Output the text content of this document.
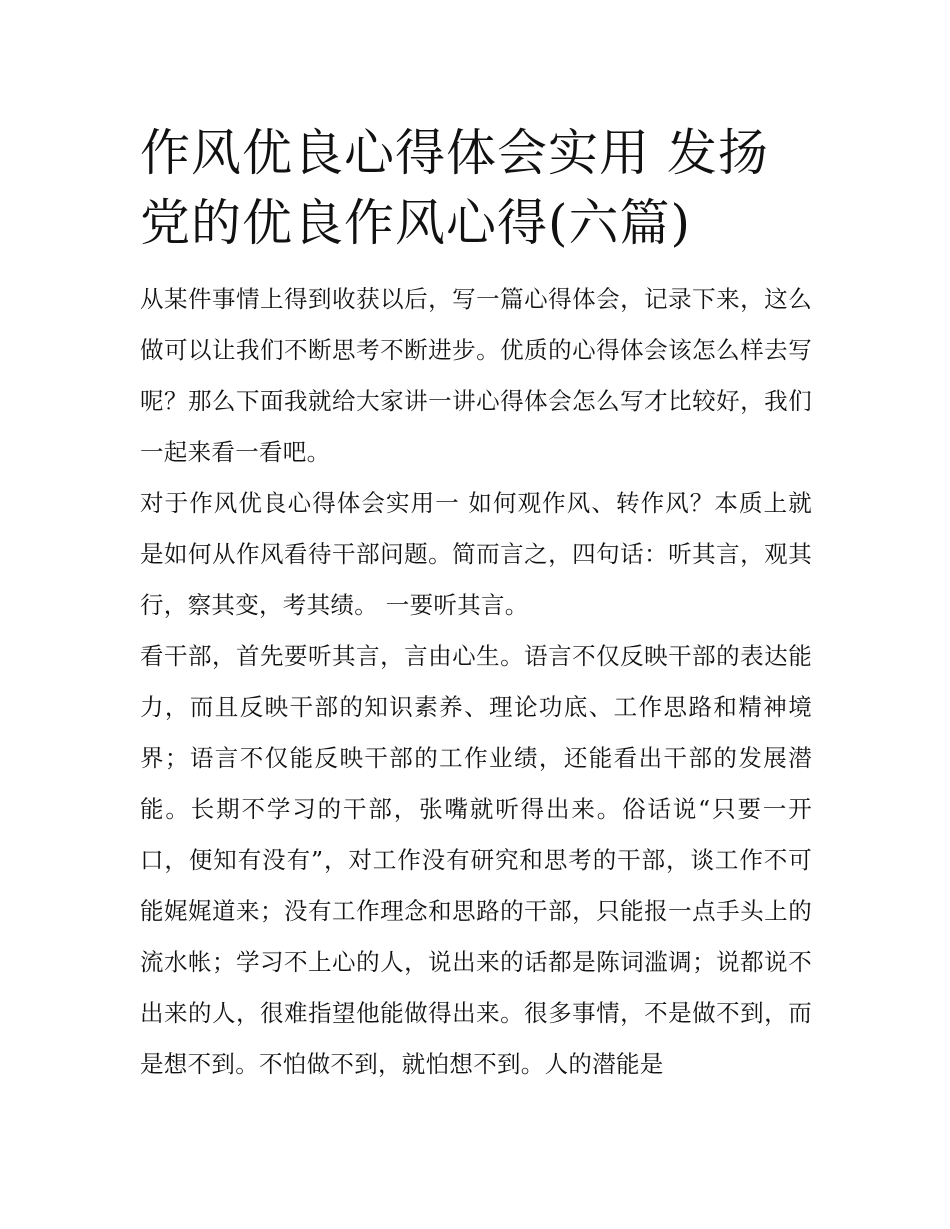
作风优良心得体会实用 发扬党的优良作风心得(六篇)

从某件事情上得到收获以后，写一篇心得体会，记录下来，这么做可以让我们不断思考不断进步。优质的心得体会该怎么样去写呢？那么下面我就给大家讲一讲心得体会怎么写才比较好，我们一起来看一看吧。

对于作风优良心得体会实用一 如何观作风、转作风？本质上就是如何从作风看待干部问题。简而言之，四句话：听其言，观其行，察其变，考其绩。 一要听其言。

看干部，首先要听其言，言由心生。语言不仅反映干部的表达能力，而且反映干部的知识素养、理论功底、工作思路和精神境界；语言不仅能反映干部的工作业绩，还能看出干部的发展潜能。长期不学习的干部，张嘴就听得出来。俗话说“只要一开口，便知有没有”，对工作没有研究和思考的干部，谈工作不可能娓娓道来；没有工作理念和思路的干部，只能报一点手头上的流水帐；学习不上心的人，说出来的话都是陈词滥调；说都说不出来的人，很难指望他能做得出来。很多事情，不是做不到，而是想不到。不怕做不到，就怕想不到。人的潜能是
